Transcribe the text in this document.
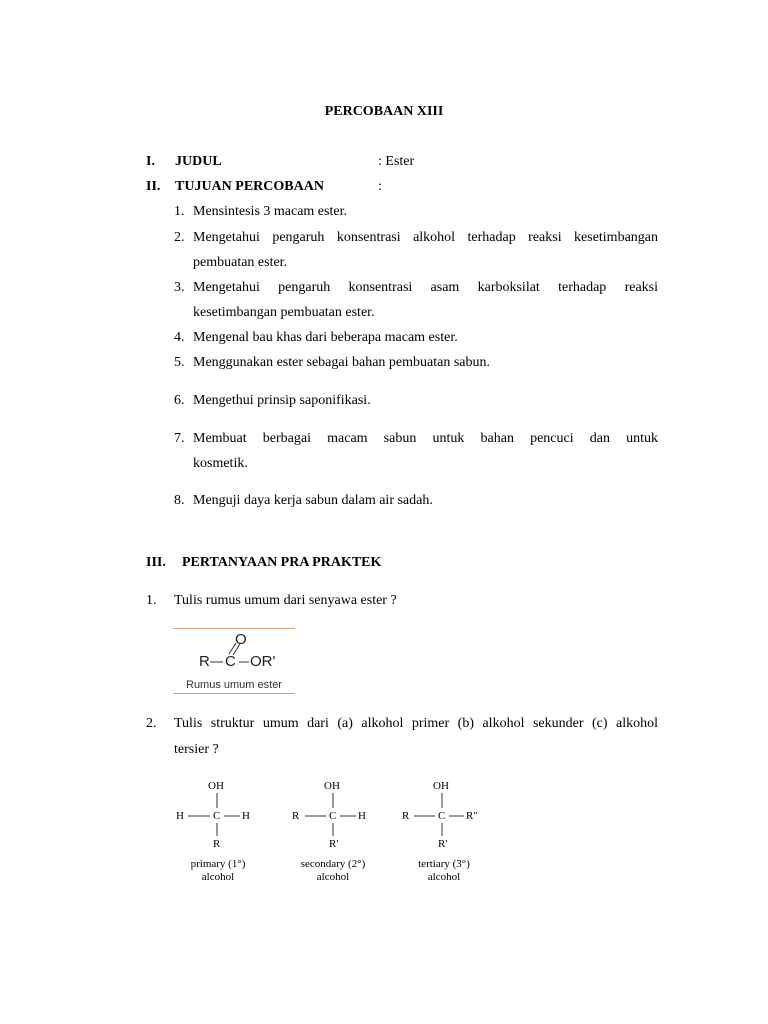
PERCOBAAN XIII
I. JUDUL	: Ester
II. TUJUAN PERCOBAAN	:
1. Mensintesis 3 macam ester.
2. Mengetahui pengaruh konsentrasi alkohol terhadap reaksi kesetimbangan
pembuatan ester.
3. Mengetahui pengaruh konsentrasi asam karboksilat terhadap reaksi
kesetimbangan pembuatan ester.
4. Mengenal bau khas dari beberapa macam ester.
5. Menggunakan ester sebagai bahan pembuatan sabun.
6. Mengethui prinsip saponifikasi.
7. Membuat berbagai macam sabun untuk bahan pencuci dan untuk
kosmetik.
8. Menguji daya kerja sabun dalam air sadah.
III. PERTANYAAN PRA PRAKTEK
1. Tulis rumus umum dari senyawa ester ?
O
R C OR'
Rumus umum ester
2. Tulis struktur umum dari (a) alkohol primer (b) alkohol sekunder (c) alkohol
tersier ?
OH
H	C H
R
primary (1°)
alcohol
OH
R	C H
R'
secondary (2°)
alcohol
OH
R	C R"
R'
tertiary (3°)
alcohol
